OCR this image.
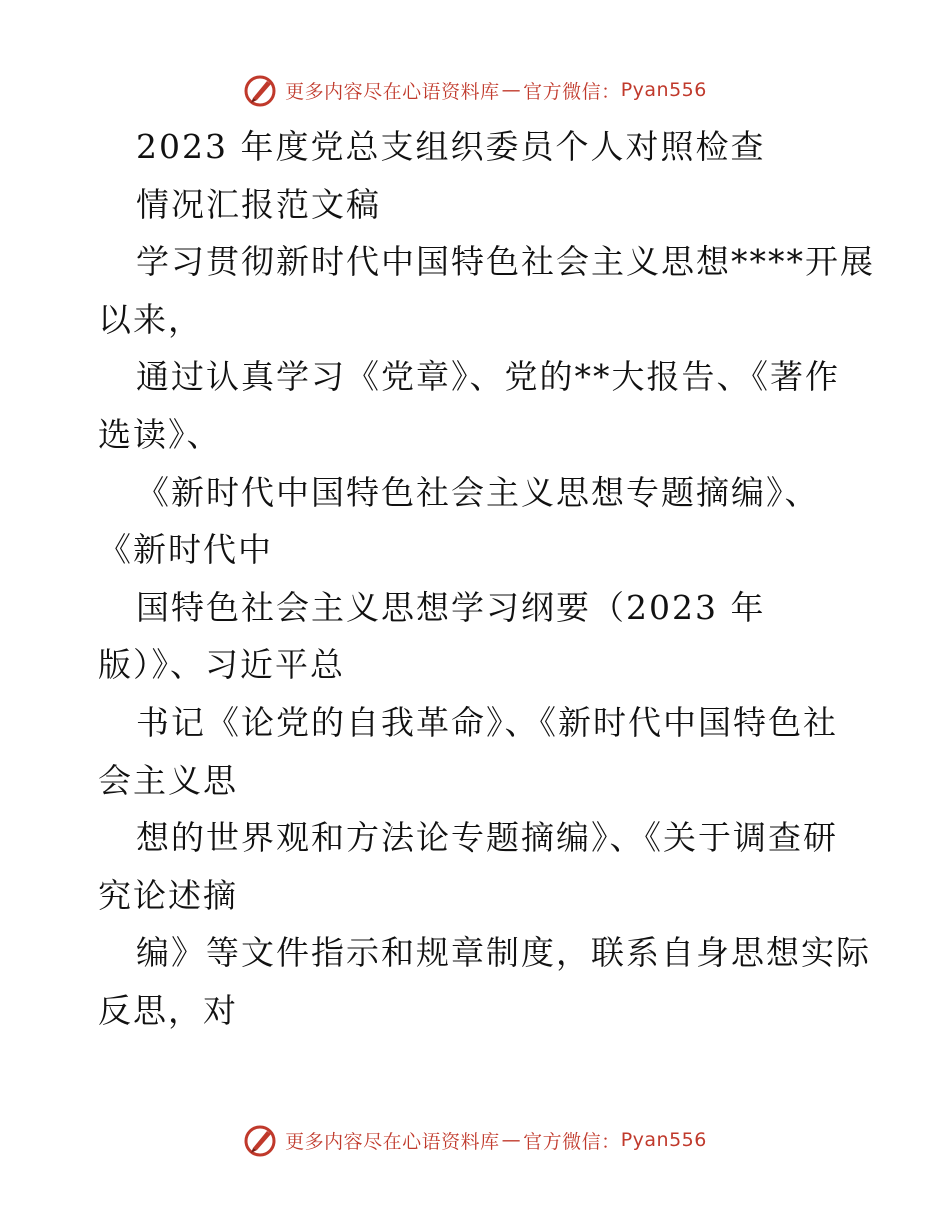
更多内容尽在心语资料库 — 官方微信： Pyan556
2023 年度党总支组织委员个人对照检查
情况汇报范文稿
学习贯彻新时代中国特色社会主义思想****开展
以来，
通过认真学习《党章》、党的**大报告、《著作
选读》、
《新时代中国特色社会主义思想专题摘编》、
《新时代中
国特色社会主义思想学习纲要（2023 年
版）》、习近平总
书记《论党的自我革命》、《新时代中国特色社
会主义思
想的世界观和方法论专题摘编》、《关于调查研
究论述摘
编》等文件指示和规章制度，联系自身思想实际
反思，对
更多内容尽在心语资料库 — 官方微信： Pyan556
